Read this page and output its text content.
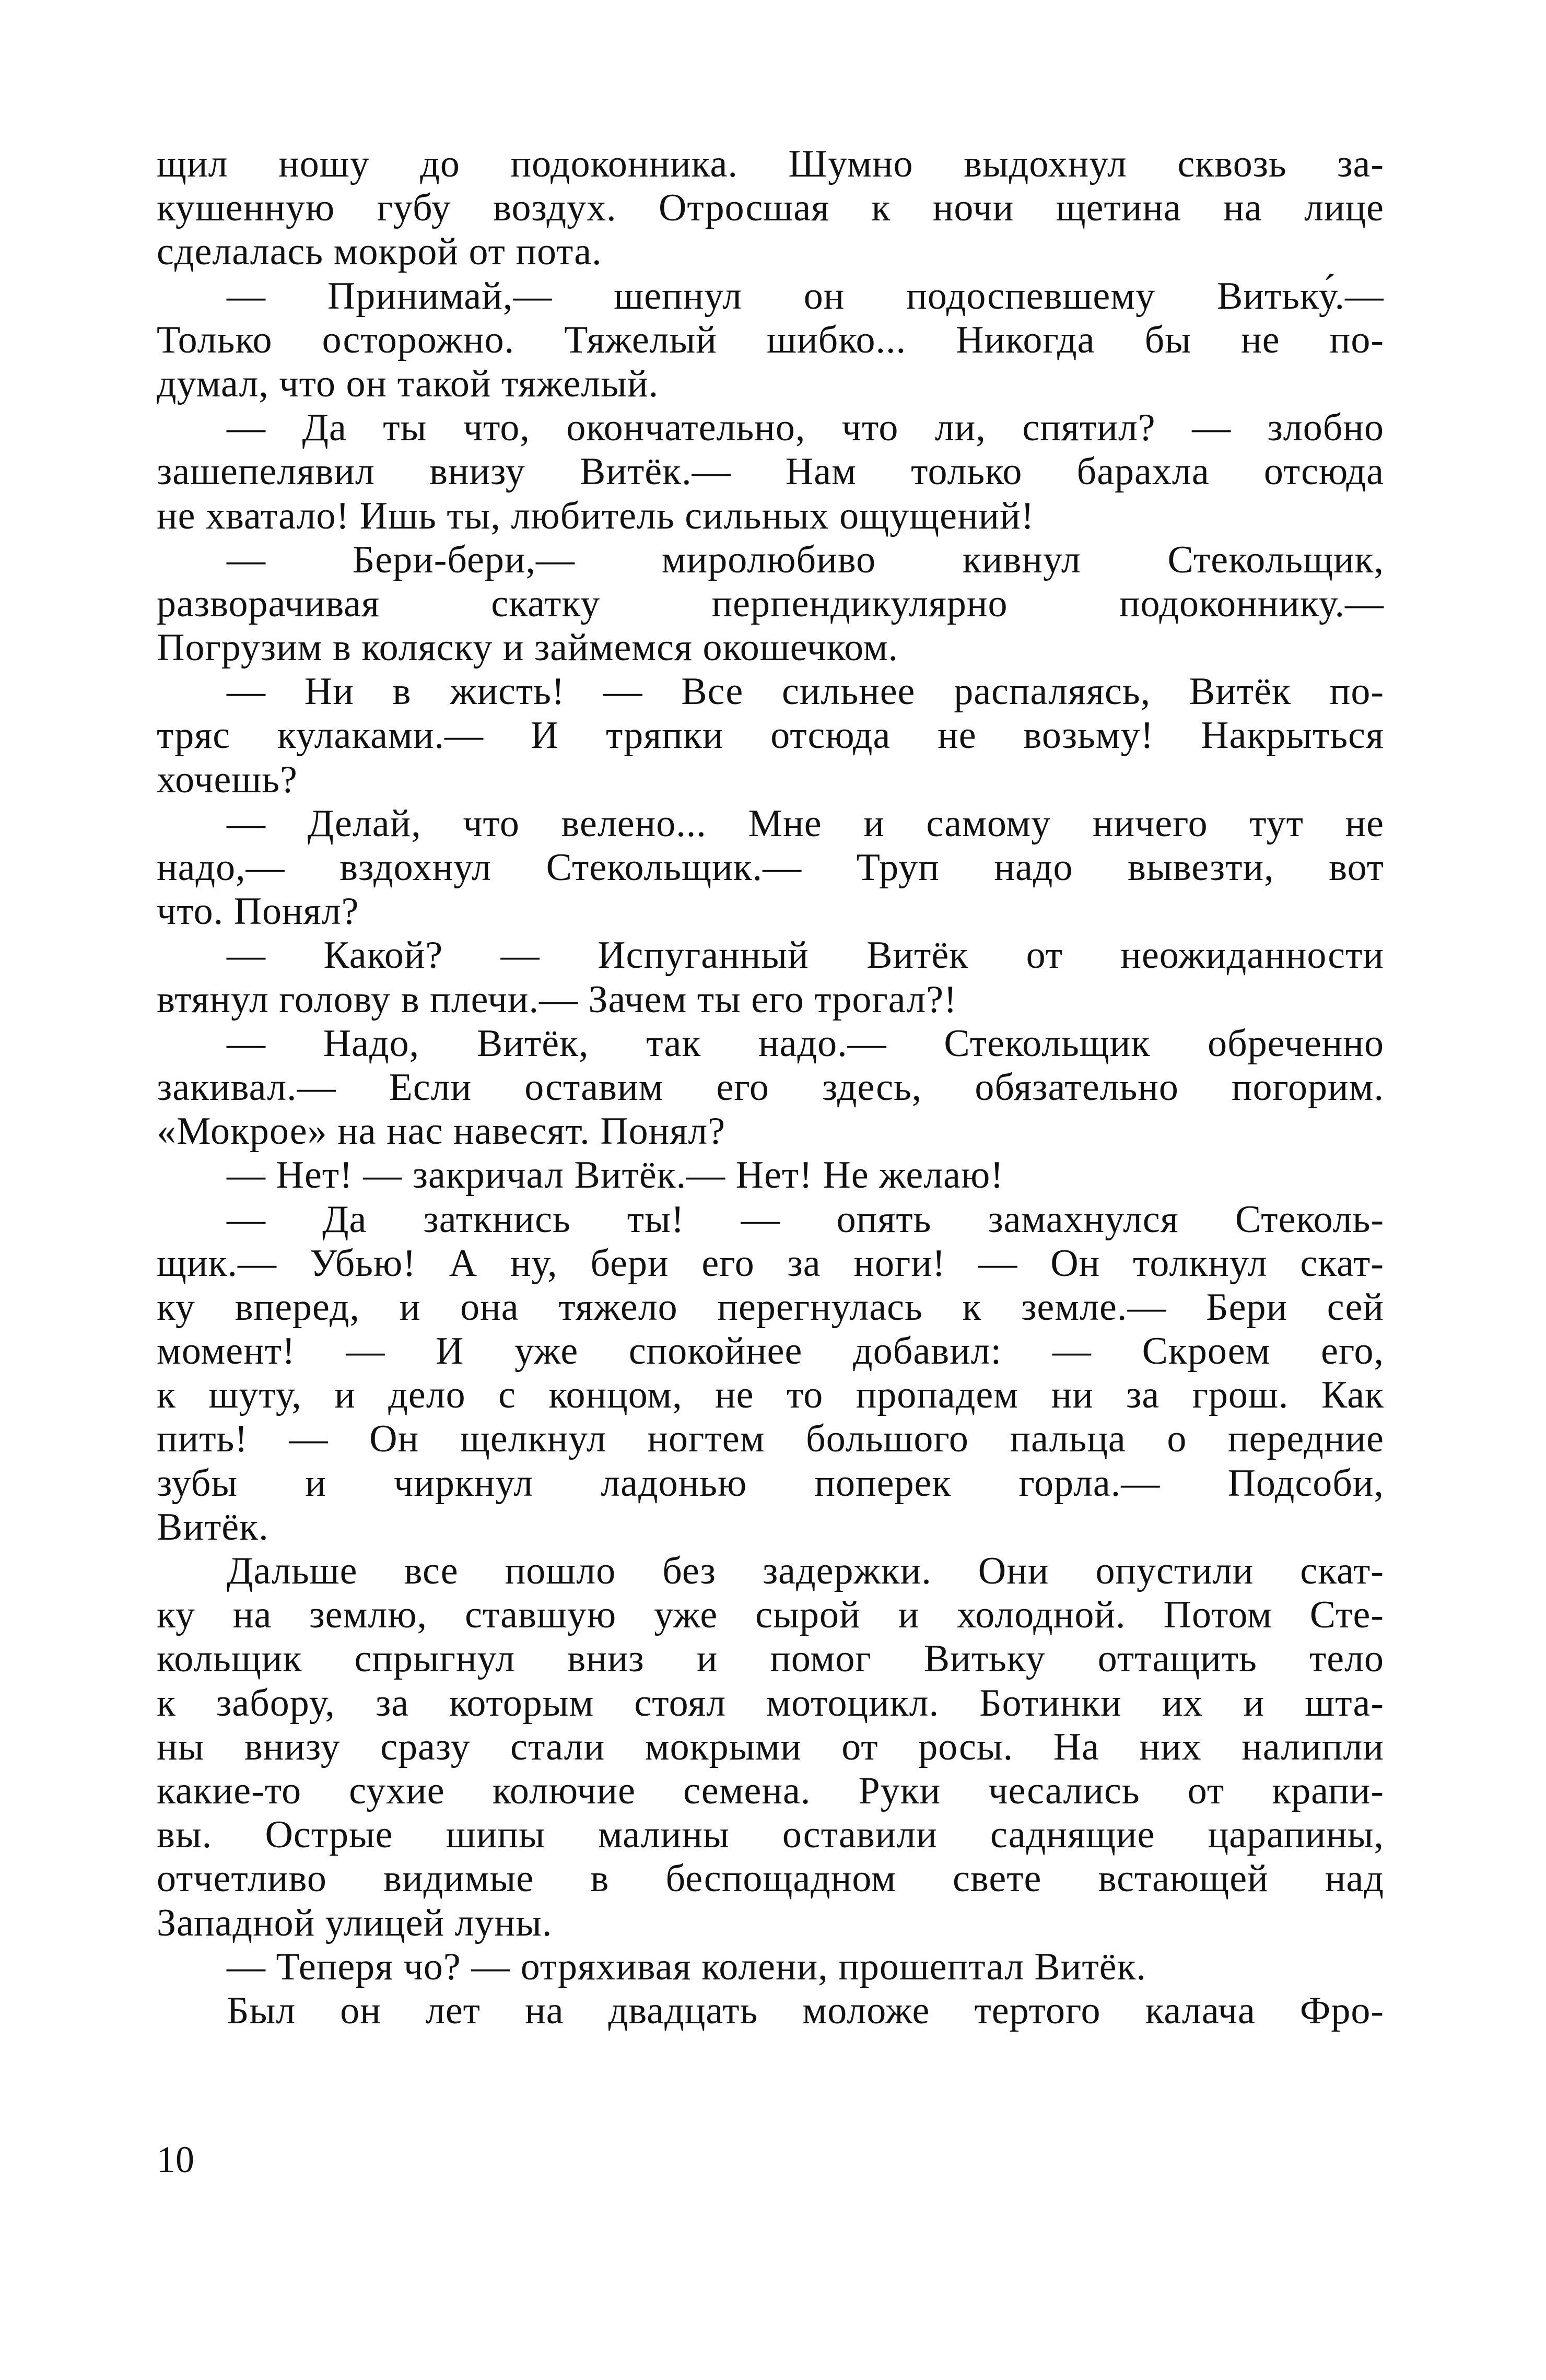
щил ношу до подоконника. Шумно выдохнул сквозь за-
кушенную губу воздух. Отросшая к ночи щетина на лице
сделалась мокрой от пота.
— Принимай,— шепнул он подоспевшему Витьку́.—
Только осторожно. Тяжелый шибко... Никогда бы не по-
думал, что он такой тяжелый.
— Да ты что, окончательно, что ли, спятил? — злобно
зашепелявил внизу Витёк.— Нам только барахла отсюда
не хватало! Ишь ты, любитель сильных ощущений!
— Бери-бери,— миролюбиво кивнул Стекольщик,
разворачивая скатку перпендикулярно подоконнику.—
Погрузим в коляску и займемся окошечком.
— Ни в жисть! — Все сильнее распаляясь, Витёк по-
тряс кулаками.— И тряпки отсюда не возьму! Накрыться
хочешь?
— Делай, что велено... Мне и самому ничего тут не
надо,— вздохнул Стекольщик.— Труп надо вывезти, вот
что. Понял?
— Какой? — Испуганный Витёк от неожиданности
втянул голову в плечи.— Зачем ты его трогал?!
— Надо, Витёк, так надо.— Стекольщик обреченно
закивал.— Если оставим его здесь, обязательно погорим.
«Мокрое» на нас навесят. Понял?
— Нет! — закричал Витёк.— Нет! Не желаю!
— Да заткнись ты! — опять замахнулся Стеколь-
щик.— Убью! А ну, бери его за ноги! — Он толкнул скат-
ку вперед, и она тяжело перегнулась к земле.— Бери сей
момент! — И уже спокойнее добавил: — Скроем его,
к шуту, и дело с концом, не то пропадем ни за грош. Как
пить! — Он щелкнул ногтем большого пальца о передние
зубы и чиркнул ладонью поперек горла.— Подсоби,
Витёк.
Дальше все пошло без задержки. Они опустили скат-
ку на землю, ставшую уже сырой и холодной. Потом Сте-
кольщик спрыгнул вниз и помог Витьку оттащить тело
к забору, за которым стоял мотоцикл. Ботинки их и шта-
ны внизу сразу стали мокрыми от росы. На них налипли
какие-то сухие колючие семена. Руки чесались от крапи-
вы. Острые шипы малины оставили саднящие царапины,
отчетливо видимые в беспощадном свете встающей над
Западной улицей луны.
— Теперя чо? — отряхивая колени, прошептал Витёк.
Был он лет на двадцать моложе тертого калача Фро-
10
